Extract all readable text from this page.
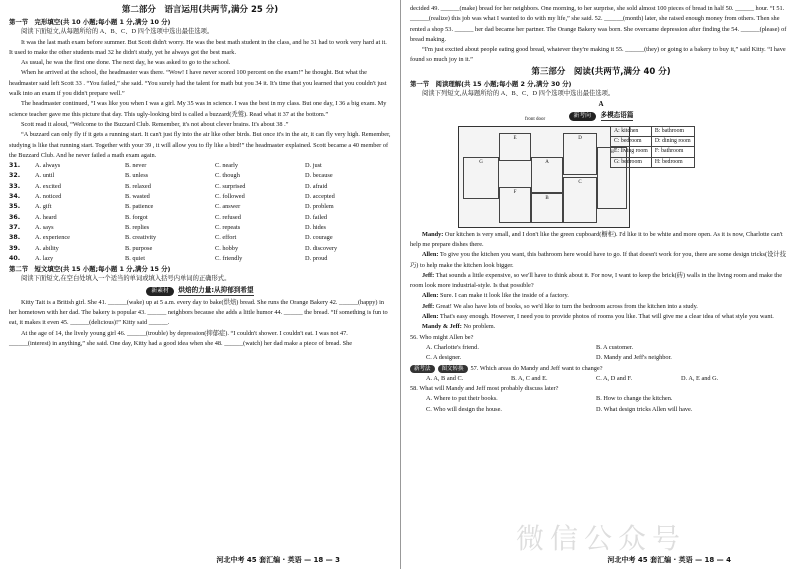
第二部分　语言运用(共两节,满分 25 分)
第一节　完形填空(共 10 小题;每小题 1 分,满分 10 分)

阅读下面短文,从每题所给的 A、B、C、D 四个选项中选出最佳选项。

It was the last math exam before summer. But Scott didn't worry. He was the best math student in the class, and he 31 had to work very hard at it. It used to make the other students mad 32 he didn't study, yet he always got the best mark.

As usual, he was the first one done. The next day, he was asked to go to the school.

When he arrived at the school, the headmaster was there. “Wow! I have never scored 100 percent on the exam!” he thought. But what the headmaster said left Scott 33 . “You failed,” she said. “You surely had the talent for math but you 34 it. It's time that you learned that you couldn't just walk into an exam if you didn't prepare well.”

The headmaster continued, “I was like you when I was a girl. My 35 was in science. I was the best in my class. But one day, I 36 a big exam. My science teacher gave me this picture that day. This ugly-looking bird is called a buzzard(秃鹫). Read what it 37 at the bottom.”

Scott read it aloud, “Welcome to the Buzzard Club. Remember, it's not about clever brains. It's about 38 .”

“A buzzard can only fly if it gets a running start. It can't just fly into the air like other birds. But once it's in the air, it can fly very high. Remember, studying is like that running start. Together with your 39 , it will allow you to fly like a bird!” the headmaster explained. Scott became a 40 member of the Buzzard Club. And he never failed a math exam again.

31.	A. always	B. never	C. nearly	D. just
32.	A. until	B. unless	C. though	D. because
33.	A. excited	B. relaxed	C. surprised	D. afraid
34.	A. noticed	B. wasted	C. followed	D. accepted
35.	A. gift	B. patience	C. answer	D. problem
36.	A. heard	B. forgot	C. refused	D. failed
37.	A. says	B. replies	C. repeats	D. hides
38.	A. experience	B. creativity	C. effort	D. courage
39.	A. ability	B. purpose	C. hobby	D. discovery
40.	A. lazy	B. quiet	C. friendly	D. proud
第二节　短文填空(共 15 小题;每小题 1 分,满分 15 分)

阅读下面短文,在空白处填入一个适当的单词或填入括号内单词的正确形式。

新素材 烘焙的力量:从抑郁到希望

Kitty Tait is a British girl. She 41. ______(wake) up at 5 a.m. every day to bake(烘焙) bread. She runs the Orange Bakery 42. ______(happy) in her hometown with her dad. The bakery is popular 43. ______ neighbors because she adds a little humor 44. ______ the bread. “If something is fun to eat, it makes it even 45. ______(delicious)!” Kitty said ______.

At the age of 14, the lively young girl 46. ______(trouble) by depression(抑郁症). “I couldn't shower. I couldn't eat. I was not 47. ______(interest) in anything,” she said. One day, Kitty had a good idea when she 48. ______(watch) her dad make a piece of bread. She

河北中考 45 套汇编 · 英语 — 18 — 3

decided 49. ______(make) bread for her neighbors. One morning, to her surprise, she sold almost 100 pieces of bread in half 50. ______ hour. “I 51. ______(realize) this job was what I wanted to do with my life,” she said. 52. ______(month) later, she raised enough money from others. Then she rented a shop 53. ______ her dad became her partner. The Orange Bakery was born. She overcame depression after finding the 54. ______(please) of bread making.

“I'm just excited about people eating good bread, whatever they're making it 55. ______(they) or going to a bakery to buy it,” said Kitty. “I have found so much joy in it.”

第三部分　阅读(共两节,满分 40 分)
第一节　阅读理解(共 15 小题;每小题 2 分,满分 30 分)

阅读下列短文,从每题所给的 A、B、C、D 四个选项中选出最佳选项。

A
新考向 多模态语篇
G
E
F
A
B
D
C
H
front door
A: kitchen	B: bathroom
C: bedroom	D: dining room
E: living room	F: bathroom
G: bedroom	H: bedroom

Mandy: Our kitchen is very small, and I don't like the green cupboard(橱柜). I'd like it to be white and more open. As it is now, Charlotte can't help me prepare dishes there.

Allen: To give you the kitchen you want, this bathroom here would have to go. If that doesn't work for you, there are some design tricks(设计技巧) to help make the kitchen look bigger.

Jeff: That sounds a little expensive, so we'll have to think about it. For now, I want to keep the brick(砖) walls in the living room and make the room look more industrial-style. Is that possible?

Allen: Sure. I can make it look like the inside of a factory.

Jeff: Great! We also have lots of books, so we'd like to turn the bedroom across from the kitchen into a study.

Allen: That's easy enough. However, I need you to provide photos of rooms you like. That will give me a clear idea of what style you want.

Mandy & Jeff: No problem.

56. Who might Allen be?
A. Charlotte's friend.	B. A customer.
C. A designer.	D. Mandy and Jeff's neighbor.
新考法 图文转换 57. Which areas do Mandy and Jeff want to change?
A. A, B and C.	B. A, C and E.	C. A, D and F.	D. A, E and G.
58. What will Mandy and Jeff most probably discuss later?
A. Where to put their books.	B. How to change the kitchen.
C. Who will design the house.	D. What design tricks Allen will have.
微信公众号
河北中考 45 套汇编 · 英语 — 18 — 4
